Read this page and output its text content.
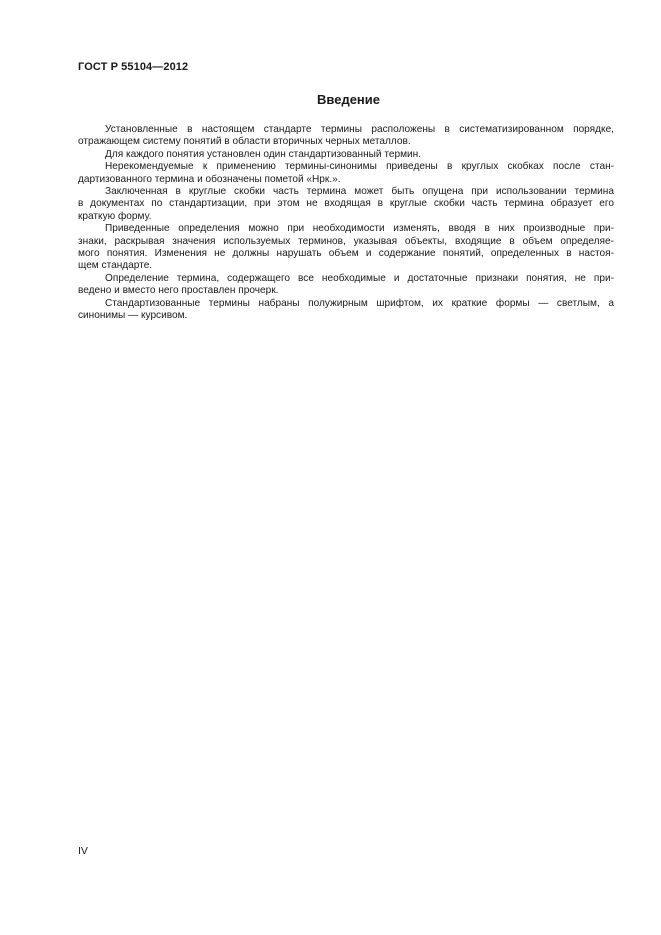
ГОСТ Р 55104—2012
Введение

Установленные в настоящем стандарте термины расположены в систематизированном порядке,
отражающем систему понятий в области вторичных черных металлов.

Для каждого понятия установлен один стандартизованный термин.

Нерекомендуемые к применению термины-синонимы приведены в круглых скобках после стан-
дартизованного термина и обозначены пометой «Нрк.».

Заключенная в круглые скобки часть термина может быть опущена при использовании термина
в документах по стандартизации, при этом не входящая в круглые скобки часть термина образует его
краткую форму.

Приведенные определения можно при необходимости изменять, вводя в них производные при-
знаки, раскрывая значения используемых терминов, указывая объекты, входящие в объем определяе-
мого понятия. Изменения не должны нарушать объем и содержание понятий, определенных в настоя-
щем стандарте.

Определение термина, содержащего все необходимые и достаточные признаки понятия, не при-
ведено и вместо него проставлен прочерк.

Стандартизованные термины набраны полужирным шрифтом, их краткие формы — светлым, а
синонимы — курсивом.

IV
